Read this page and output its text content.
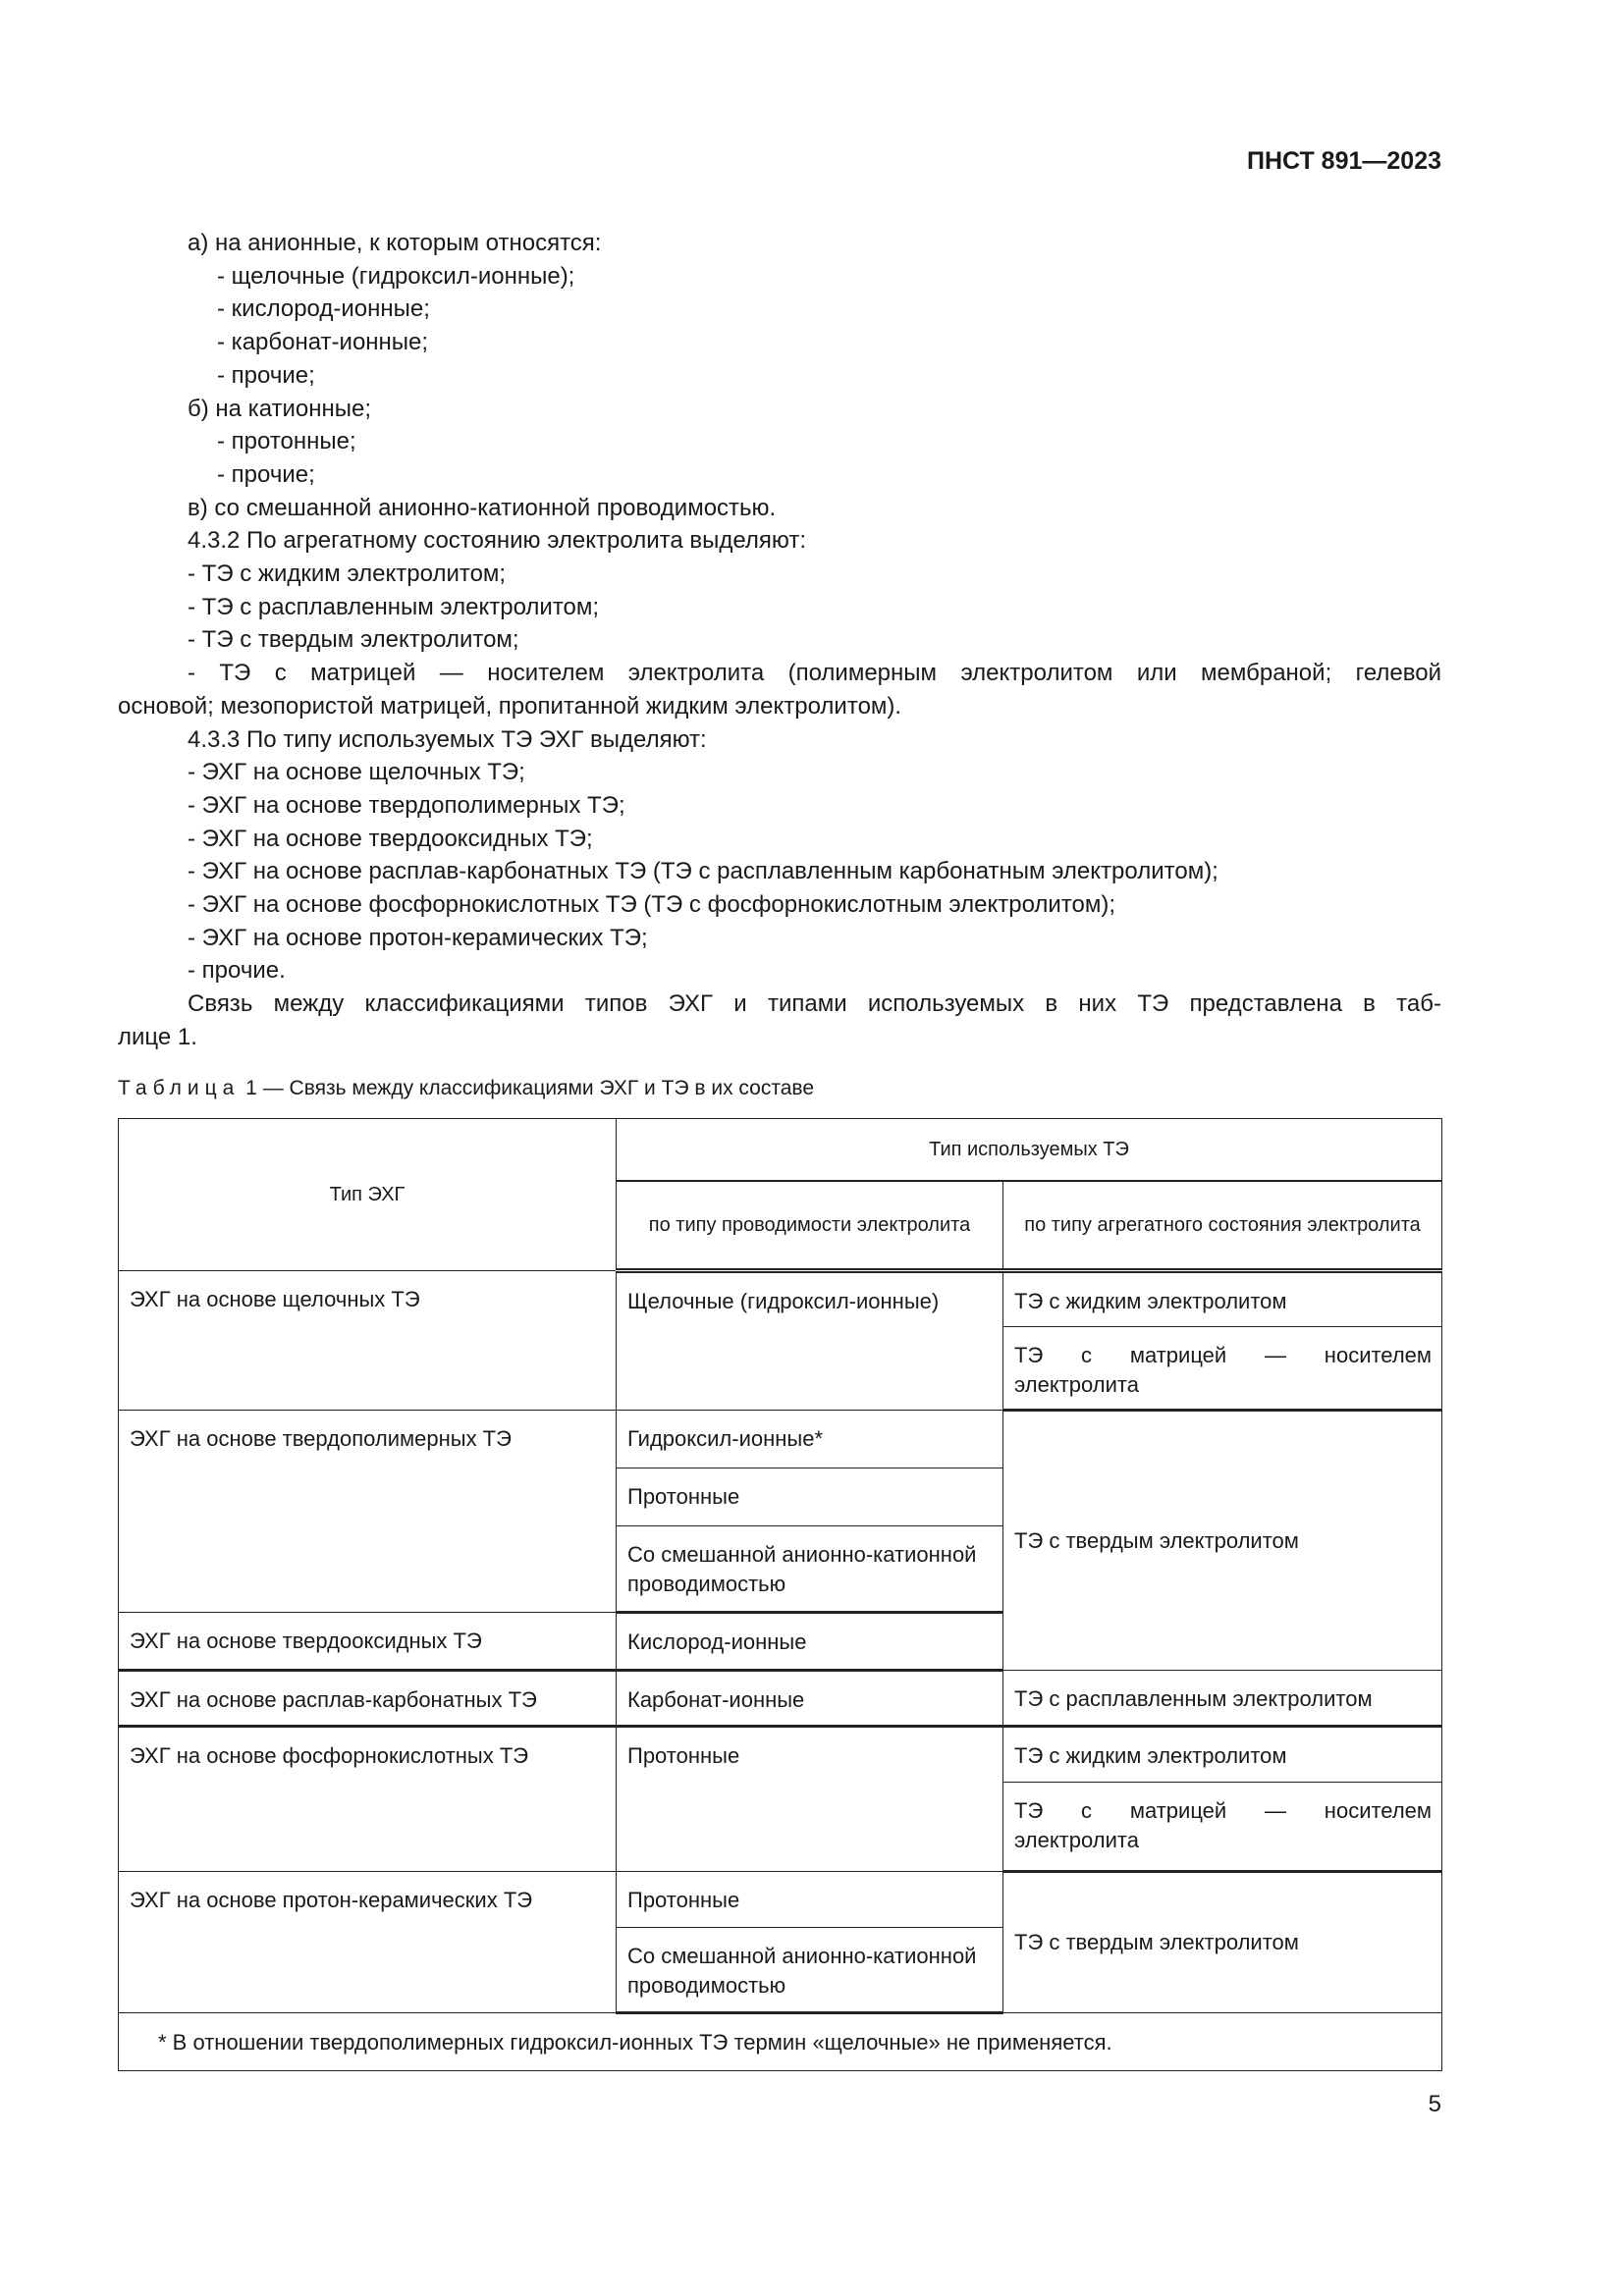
ПНСТ 891—2023
а) на анионные, к которым относятся:
- щелочные (гидроксил-ионные);
- кислород-ионные;
- карбонат-ионные;
- прочие;
б) на катионные;
- протонные;
- прочие;
в) со смешанной анионно-катионной проводимостью.
4.3.2 По агрегатному состоянию электролита выделяют:
- ТЭ с жидким электролитом;
- ТЭ с расплавленным электролитом;
- ТЭ с твердым электролитом;
- ТЭ с матрицей — носителем электролита (полимерным электролитом или мембраной; гелевой
основой; мезопористой матрицей, пропитанной жидким электролитом).
4.3.3 По типу используемых ТЭ ЭХГ выделяют:
- ЭХГ на основе щелочных ТЭ;
- ЭХГ на основе твердополимерных ТЭ;
- ЭХГ на основе твердооксидных ТЭ;
- ЭХГ на основе расплав-карбонатных ТЭ (ТЭ с расплавленным карбонатным электролитом);
- ЭХГ на основе фосфорнокислотных ТЭ (ТЭ с фосфорнокислотным электролитом);
- ЭХГ на основе протон-керамических ТЭ;
- прочие.
Связь между классификациями типов ЭХГ и типами используемых в них ТЭ представлена в таб-
лице 1.
Таблица 1 — Связь между классификациями ЭХГ и ТЭ в их составе
Тип ЭХГ	Тип используемых ТЭ	
	по типу проводимости электролита	по типу агрегатного состояния электролита
ЭХГ на основе щелочных ТЭ	Щелочные (гидроксил-ионные)	ТЭ с жидким электролитом
		ТЭ с матрицей — носителем электролита
ЭХГ на основе твердополимерных ТЭ	Гидроксил-ионные*	ТЭ с твердым электролитом
	Протонные	
	Со смешанной анионно-катионной проводимостью	
ЭХГ на основе твердооксидных ТЭ	Кислород-ионные	
ЭХГ на основе расплав-карбонатных ТЭ	Карбонат-ионные	ТЭ с расплавленным электролитом
ЭХГ на основе фосфорнокислотных ТЭ	Протонные	ТЭ с жидким электролитом
		ТЭ с матрицей — носителем электролита
ЭХГ на основе протон-керамических ТЭ	Протонные	ТЭ с твердым электролитом
	Со смешанной анионно-катионной проводимостью	
* В отношении твердополимерных гидроксил-ионных ТЭ термин «щелочные» не применяется.		
5
